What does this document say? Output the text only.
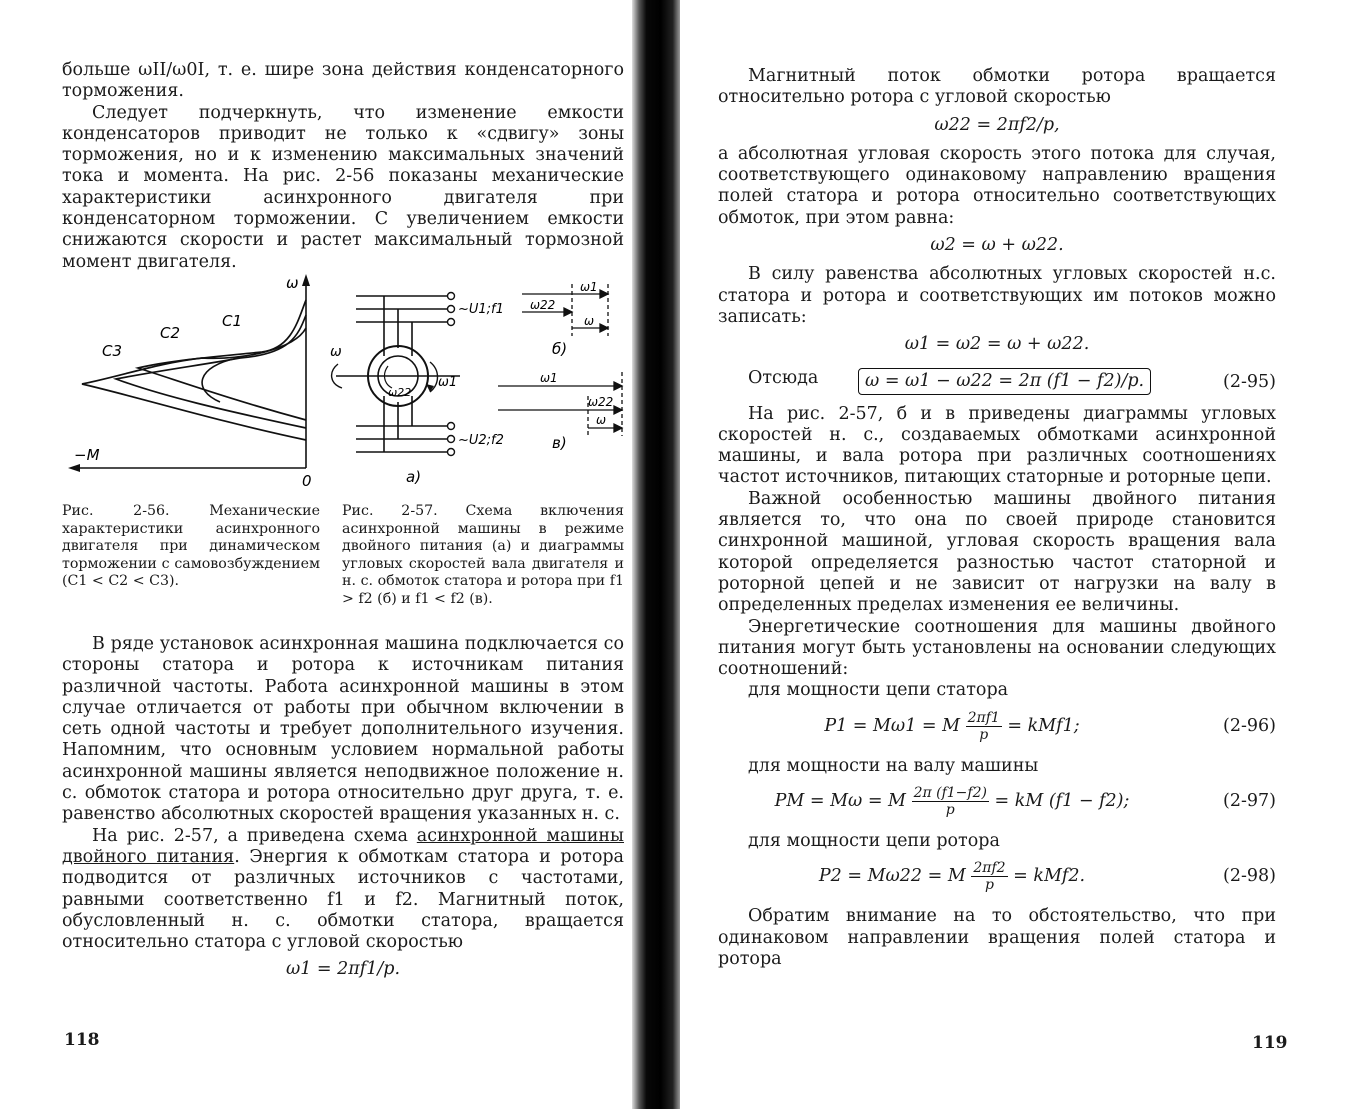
больше ωII/ω0I, т. е. шире зона действия конденсаторного торможения.

Следует подчеркнуть, что изменение емкости конденсаторов приводит не только к «сдвигу» зоны торможения, но и к изменению максимальных значений тока и момента. На рис. 2-56 показаны механические характеристики асинхронного двигателя при конденсаторном торможении. С увеличением емкости снижаются скорости и растет максимальный тормозной момент двигателя.

ω
C1
C2
C3
−M
0
~U1;f1
~U2;f2
ω
ω1
ω22
а)
ω1
ω22
ω
б)
ω1
ω22
ω
в)
Рис. 2-56. Механические характеристики асинхронного двигателя при динамическом торможении с самовозбуждением (C1 < C2 < C3).
Рис. 2-57. Схема включения асинхронной машины в режиме двойного питания (а) и диаграммы угловых скоростей вала двигателя и н. с. обмоток статора и ротора при f1 > f2 (б) и f1 < f2 (в).

В ряде установок асинхронная машина подключается со стороны статора и ротора к источникам питания различной частоты. Работа асинхронной машины в этом случае отличается от работы при обычном включении в сеть одной частоты и требует дополнительного изучения. Напомним, что основным условием нормальной работы асинхронной машины является неподвижное положение н. с. обмоток статора и ротора относительно друг друга, т. е. равенство абсолютных скоростей вращения указанных н. с.

На рис. 2-57, а приведена схема асинхронной машины двойного питания. Энергия к обмоткам статора и ротора подводится от различных источников с частотами, равными соответственно f1 и f2. Магнитный поток, обусловленный н. с. обмотки статора, вращается относительно статора с угловой скоростью

ω1 = 2πf1/p.

118

Магнитный поток обмотки ротора вращается относительно ротора с угловой скоростью

ω22 = 2πf2/p,

а абсолютная угловая скорость этого потока для случая, соответствующего одинаковому направлению вращения полей статора и ротора относительно соответствующих обмоток, при этом равна:

ω2 = ω + ω22.

В силу равенства абсолютных угловых скоростей н.с. статора и ротора и соответствующих им потоков можно записать:

ω1 = ω2 = ω + ω22.

Отсюда	ω = ω1 − ω22 = 2π (f1 − f2)/p.	(2-95)

На рис. 2-57, б и в приведены диаграммы угловых скоростей н. с., создаваемых обмотками асинхронной машины, и вала ротора при различных соотношениях частот источников, питающих статорные и роторные цепи.

Важной особенностью машины двойного питания является то, что она по своей природе становится синхронной машиной, угловая скорость вращения вала которой определяется разностью частот статорной и роторной цепей и не зависит от нагрузки на валу в определенных пределах изменения ее величины.

Энергетические соотношения для машины двойного питания могут быть установлены на основании следующих соотношений:

для мощности цепи статора

P1 = Mω1 = M $\frac{2\pi f1}{p} = kMf1$;	(2-96)

для мощности на валу машины

PM = Mω = M $\frac{2\pi (f1-f2)}{p}$ = kM (f1 − f2);	(2-97)

для мощности цепи ротора

P2 = Mω22 = M $\frac{2\pi f2}{p} = kMf2$.	(2-98)

Обратим внимание на то обстоятельство, что при одинаковом направлении вращения полей статора и ротора

119
